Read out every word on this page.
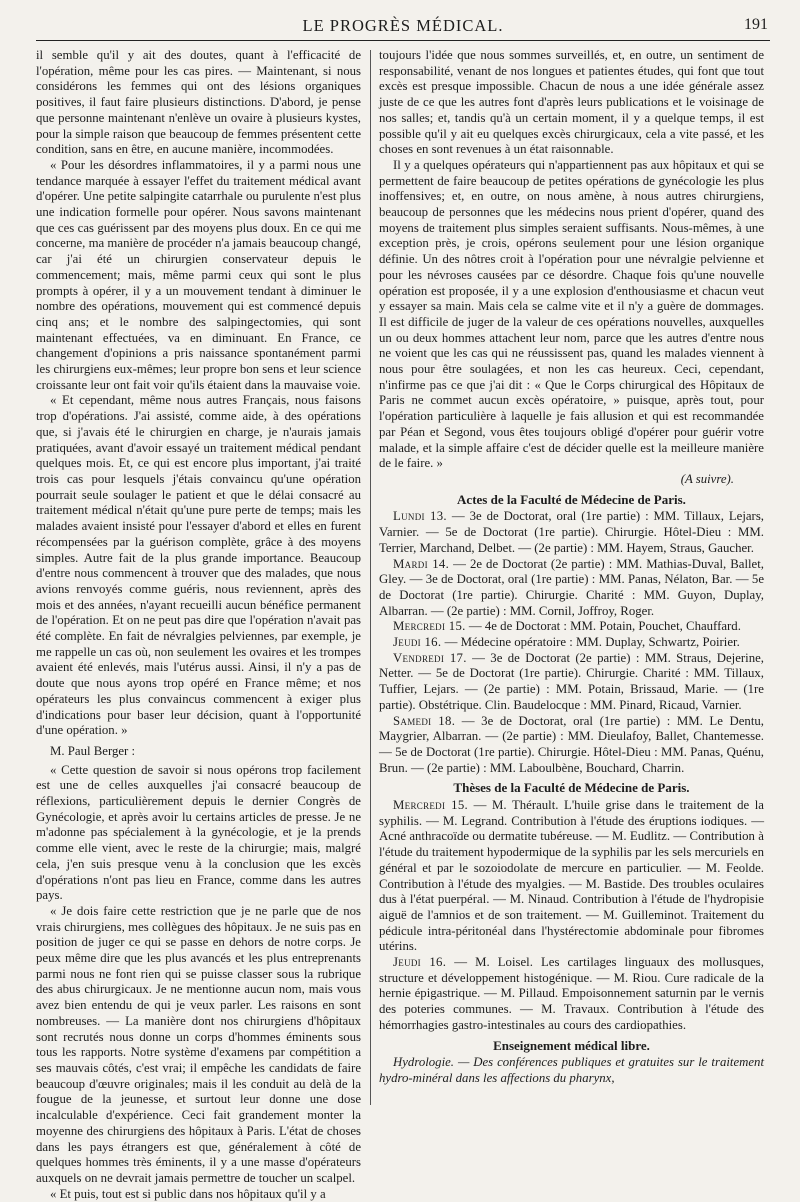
LE PROGRÈS MÉDICAL.	191

il semble qu'il y ait des doutes, quant à l'efficacité de l'opération, même pour les cas pires. — Maintenant, si nous considérons les femmes qui ont des lésions organiques positives, il faut faire plusieurs distinctions. D'abord, je pense que personne maintenant n'enlève un ovaire à plusieurs kystes, pour la simple raison que beaucoup de femmes présentent cette condition, sans en être, en aucune manière, incommodées.

« Pour les désordres inflammatoires, il y a parmi nous une tendance marquée à essayer l'effet du traitement médical avant d'opérer. Une petite salpingite catarrhale ou purulente n'est plus une indication formelle pour opérer. Nous savons maintenant que ces cas guérissent par des moyens plus doux. En ce qui me concerne, ma manière de procéder n'a jamais beaucoup changé, car j'ai été un chirurgien conservateur depuis le commencement; mais, même parmi ceux qui sont le plus prompts à opérer, il y a un mouvement tendant à diminuer le nombre des opérations, mouvement qui est commencé depuis cinq ans; et le nombre des salpingectomies, qui sont maintenant effectuées, va en diminuant. En France, ce changement d'opinions a pris naissance spontanément parmi les chirurgiens eux-mêmes; leur propre bon sens et leur science croissante leur ont fait voir qu'ils étaient dans la mauvaise voie.

« Et cependant, même nous autres Français, nous faisons trop d'opérations. J'ai assisté, comme aide, à des opérations que, si j'avais été le chirurgien en charge, je n'aurais jamais pratiquées, avant d'avoir essayé un traitement médical pendant quelques mois. Et, ce qui est encore plus important, j'ai traité trois cas pour lesquels j'étais convaincu qu'une opération pourrait seule soulager le patient et que le délai consacré au traitement médical n'était qu'une pure perte de temps; mais les malades avaient insisté pour l'essayer d'abord et elles en furent récompensées par la guérison complète, grâce à des moyens simples. Autre fait de la plus grande importance. Beaucoup d'entre nous commencent à trouver que des malades, que nous avions renvoyés comme guéris, nous reviennent, après des mois et des années, n'ayant recueilli aucun bénéfice permanent de l'opération. Et on ne peut pas dire que l'opération n'avait pas été complète. En fait de névralgies pelviennes, par exemple, je me rappelle un cas où, non seulement les ovaires et les trompes avaient été enlevés, mais l'utérus aussi. Ainsi, il n'y a pas de doute que nous ayons trop opéré en France même; et nos opérateurs les plus convaincus commencent à exiger plus d'indications pour baser leur décision, quant à l'opportunité d'une opération. »

M. Paul Berger :

« Cette question de savoir si nous opérons trop facilement est une de celles auxquelles j'ai consacré beaucoup de réflexions, particulièrement depuis le dernier Congrès de Gynécologie, et après avoir lu certains articles de presse. Je ne m'adonne pas spécialement à la gynécologie, et je la prends comme elle vient, avec le reste de la chirurgie; mais, malgré cela, j'en suis presque venu à la conclusion que les excès d'opérations n'ont pas lieu en France, comme dans les autres pays.

« Je dois faire cette restriction que je ne parle que de nos vrais chirurgiens, mes collègues des hôpitaux. Je ne suis pas en position de juger ce qui se passe en dehors de notre corps. Je peux même dire que les plus avancés et les plus entreprenants parmi nous ne font rien qui se puisse classer sous la rubrique des abus chirurgicaux. Je ne mentionne aucun nom, mais vous avez bien entendu de qui je veux parler. Les raisons en sont nombreuses. — La manière dont nos chirurgiens d'hôpitaux sont recrutés nous donne un corps d'hommes éminents sous tous les rapports. Notre système d'examens par compétition a ses mauvais côtés, c'est vrai; il empêche les candidats de faire beaucoup d'œuvre originales; mais il les conduit au delà de la fougue de la jeunesse, et surtout leur donne une dose incalculable d'expérience. Ceci fait grandement monter la moyenne des chirurgiens des hôpitaux à Paris. L'état de choses dans les pays étrangers est que, généralement à côté de quelques hommes très éminents, il y a une masse d'opérateurs auxquels on ne devrait jamais permettre de toucher un scalpel.

« Et puis, tout est si public dans nos hôpitaux qu'il y a

toujours l'idée que nous sommes surveillés, et, en outre, un sentiment de responsabilité, venant de nos longues et patientes études, qui font que tout excès est presque impossible. Chacun de nous a une idée générale assez juste de ce que les autres font d'après leurs publications et le voisinage de nos salles; et, tandis qu'à un certain moment, il y a quelque temps, il est possible qu'il y ait eu quelques excès chirurgicaux, cela a vite passé, et les choses en sont revenues à un état raisonnable.

Il y a quelques opérateurs qui n'appartiennent pas aux hôpitaux et qui se permettent de faire beaucoup de petites opérations de gynécologie les plus inoffensives; et, en outre, on nous amène, à nous autres chirurgiens, beaucoup de personnes que les médecins nous prient d'opérer, quand des moyens de traitement plus simples seraient suffisants. Nous-mêmes, à une exception près, je crois, opérons seulement pour une lésion organique définie. Un des nôtres croit à l'opération pour une névralgie pelvienne et pour les névroses causées par ce désordre. Chaque fois qu'une nouvelle opération est proposée, il y a une explosion d'enthousiasme et chacun veut y essayer sa main. Mais cela se calme vite et il n'y a guère de dommages. Il est difficile de juger de la valeur de ces opérations nouvelles, auxquelles un ou deux hommes attachent leur nom, parce que les autres d'entre nous ne voient que les cas qui ne réussissent pas, quand les malades viennent à nous pour être soulagées, et non les cas heureux. Ceci, cependant, n'infirme pas ce que j'ai dit : « Que le Corps chirurgical des Hôpitaux de Paris ne commet aucun excès opératoire, » puisque, après tout, pour l'opération particulière à laquelle je fais allusion et qui est recommandée par Péan et Segond, vous êtes toujours obligé d'opérer pour guérir votre malade, et la simple affaire c'est de décider quelle est la meilleure manière de le faire. »

(A suivre).

Actes de la Faculté de Médecine de Paris.

Lundi 13. — 3e de Doctorat, oral (1re partie) : MM. Tillaux, Lejars, Varnier. — 5e de Doctorat (1re partie). Chirurgie. Hôtel-Dieu : MM. Terrier, Marchand, Delbet. — (2e partie) : MM. Hayem, Straus, Gaucher.

Mardi 14. — 2e de Doctorat (2e partie) : MM. Mathias-Duval, Ballet, Gley. — 3e de Doctorat, oral (1re partie) : MM. Panas, Nélaton, Bar. — 5e de Doctorat (1re partie). Chirurgie. Charité : MM. Guyon, Duplay, Albarran. — (2e partie) : MM. Cornil, Joffroy, Roger.

Mercredi 15. — 4e de Doctorat : MM. Potain, Pouchet, Chauffard.

Jeudi 16. — Médecine opératoire : MM. Duplay, Schwartz, Poirier.

Vendredi 17. — 3e de Doctorat (2e partie) : MM. Straus, Dejerine, Netter. — 5e de Doctorat (1re partie). Chirurgie. Charité : MM. Tillaux, Tuffier, Lejars. — (2e partie) : MM. Potain, Brissaud, Marie. — (1re partie). Obstétrique. Clin. Baudelocque : MM. Pinard, Ricaud, Varnier.

Samedi 18. — 3e de Doctorat, oral (1re partie) : MM. Le Dentu, Maygrier, Albarran. — (2e partie) : MM. Dieulafoy, Ballet, Chantemesse. — 5e de Doctorat (1re partie). Chirurgie. Hôtel-Dieu : MM. Panas, Quénu, Brun. — (2e partie) : MM. Laboulbène, Bouchard, Charrin.

Thèses de la Faculté de Médecine de Paris.

Mercredi 15. — M. Thérault. L'huile grise dans le traitement de la syphilis. — M. Legrand. Contribution à l'étude des éruptions iodiques. — Acné anthracoïde ou dermatite tubéreuse. — M. Eudlitz. — Contribution à l'étude du traitement hypodermique de la syphilis par les sels mercuriels en général et par le sozoiodolate de mercure en particulier. — M. Feolde. Contribution à l'étude des myalgies. — M. Bastide. Des troubles oculaires dus à l'état puerpéral. — M. Ninaud. Contribution à l'étude de l'hydropisie aiguë de l'amnios et de son traitement. — M. Guilleminot. Traitement du pédicule intra-péritonéal dans l'hystérectomie abdominale pour fibromes utérins.

Jeudi 16. — M. Loisel. Les cartilages linguaux des mollusques, structure et développement histogénique. — M. Riou. Cure radicale de la hernie épigastrique. — M. Pillaud. Empoisonnement saturnin par le vernis des poteries communes. — M. Travaux. Contribution à l'étude des hémorrhagies gastro-intestinales au cours des cardiopathies.

Enseignement médical libre.

Hydrologie. — Des conférences publiques et gratuites sur le traitement hydro-minéral dans les affections du pharynx,
